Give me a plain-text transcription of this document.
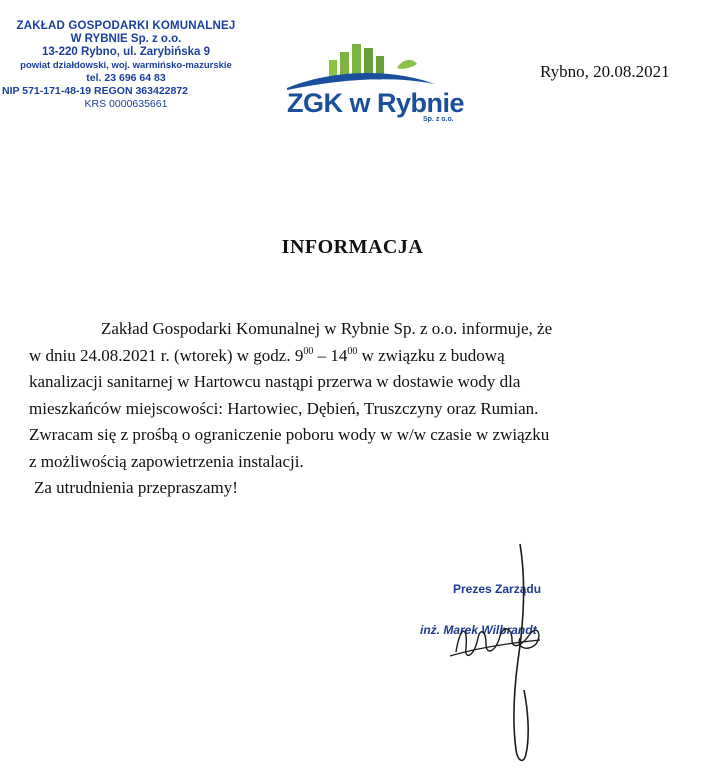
ZAKŁAD GOSPODARKI KOMUNALNEJ
W RYBNIE Sp. z o.o.
13-220 Rybno, ul. Zarybińska 9
powiat działdowski, woj. warmińsko-mazurskie
tel. 23 696 64 83
NIP 571-171-48-19 REGON 363422872
KRS 0000635661	ZGK w Rybnie
Sp. z o.o.
Rybno, 20.08.2021
INFORMACJA

Zakład Gospodarki Komunalnej w Rybnie Sp. z o.o. informuje, że

w dniu 24.08.2021 r. (wtorek) w godz. $9^{00} - 14^{00}$ w związku z budową

kanalizacji sanitarnej w Hartowcu nastąpi przerwa w dostawie wody dla

mieszkańców miejscowości: Hartowiec, Dębień, Truszczyny oraz Rumian.

Zwracam się z prośbą o ograniczenie poboru wody w w/w czasie w związku

z możliwością zapowietrzenia instalacji.

Za utrudnienia przepraszamy!

Prezes Zarządu
inż. Marek Wilbrandt
